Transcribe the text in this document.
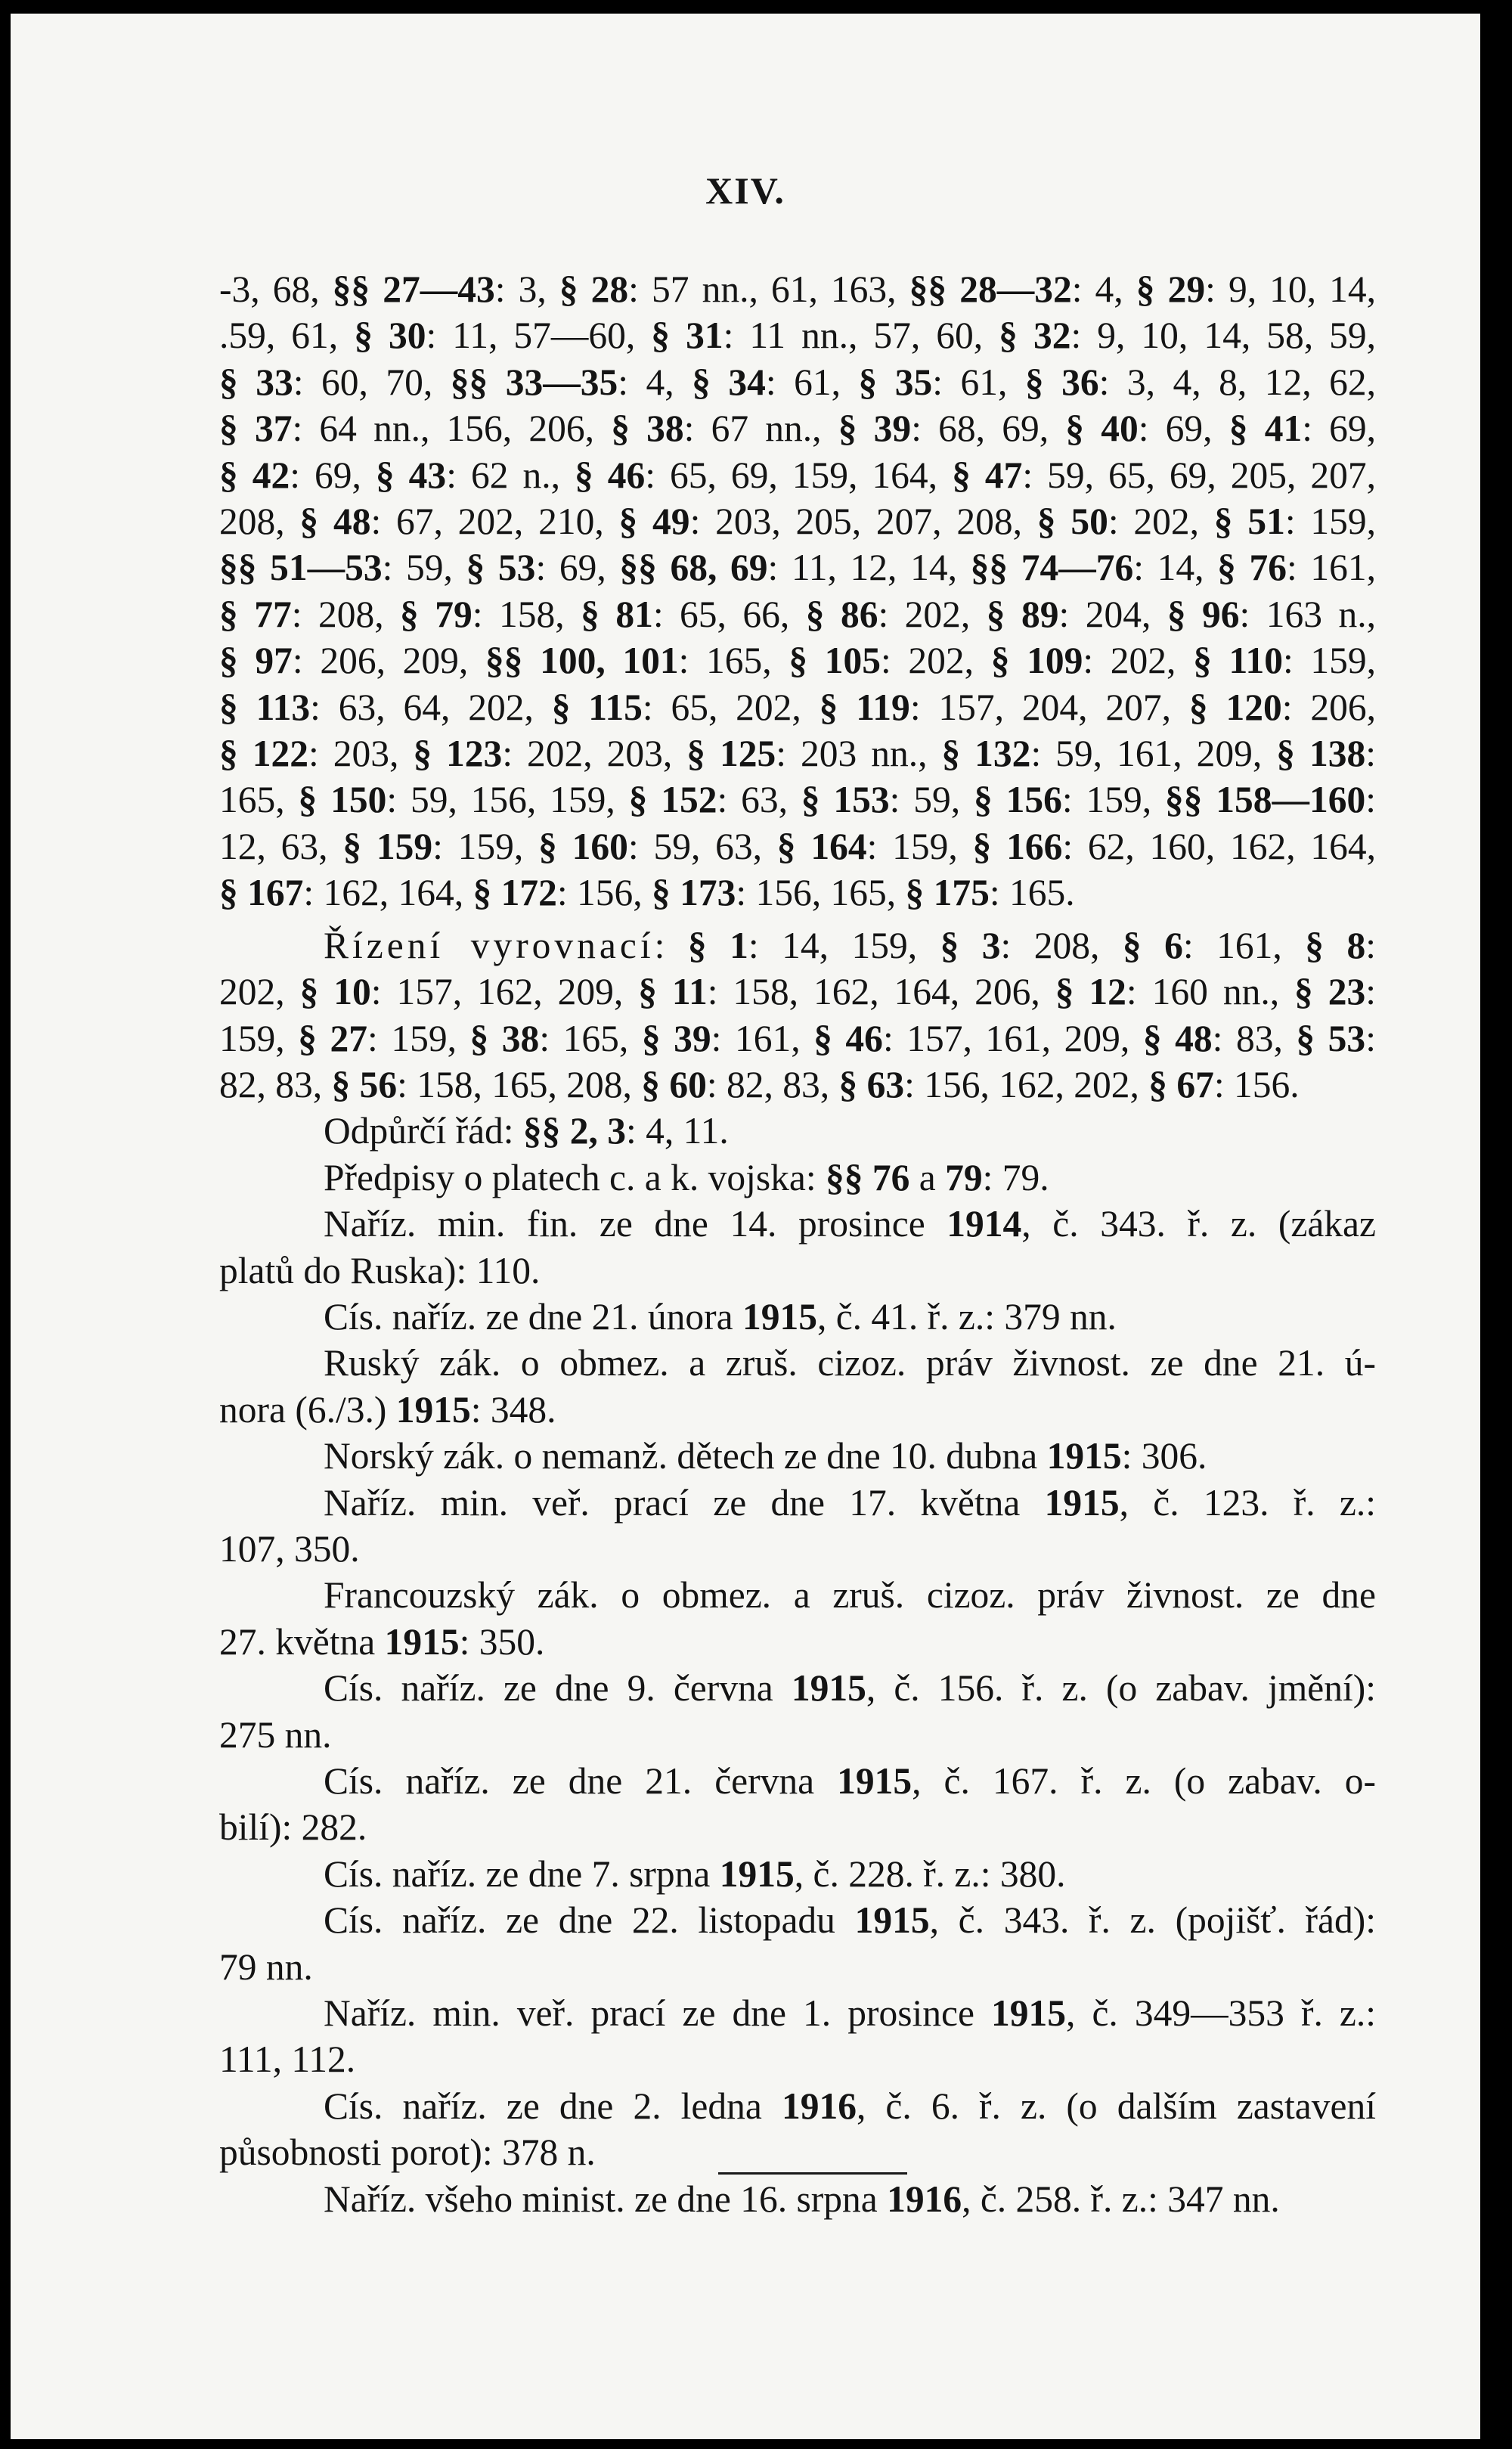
XIV.
-3, 68, §§ 27—43: 3, § 28: 57 nn., 61, 163, §§ 28—32: 4, § 29: 9, 10, 14,
.59, 61, § 30: 11, 57—60, § 31: 11 nn., 57, 60, § 32: 9, 10, 14, 58, 59,
§ 33: 60, 70, §§ 33—35: 4, § 34: 61, § 35: 61, § 36: 3, 4, 8, 12, 62,
§ 37: 64 nn., 156, 206, § 38: 67 nn., § 39: 68, 69, § 40: 69, § 41: 69,
§ 42: 69, § 43: 62 n., § 46: 65, 69, 159, 164, § 47: 59, 65, 69, 205, 207,
208, § 48: 67, 202, 210, § 49: 203, 205, 207, 208, § 50: 202, § 51: 159,
§§ 51—53: 59, § 53: 69, §§ 68, 69: 11, 12, 14, §§ 74—76: 14, § 76: 161,
§ 77: 208, § 79: 158, § 81: 65, 66, § 86: 202, § 89: 204, § 96: 163 n.,
§ 97: 206, 209, §§ 100, 101: 165, § 105: 202, § 109: 202, § 110: 159,
§ 113: 63, 64, 202, § 115: 65, 202, § 119: 157, 204, 207, § 120: 206,
§ 122: 203, § 123: 202, 203, § 125: 203 nn., § 132: 59, 161, 209, § 138:
165, § 150: 59, 156, 159, § 152: 63, § 153: 59, § 156: 159, §§ 158—160:
12, 63, § 159: 159, § 160: 59, 63, § 164: 159, § 166: 62, 160, 162, 164,
§ 167: 162, 164, § 172: 156, § 173: 156, 165, § 175: 165.
Řízení vyrovnací: § 1: 14, 159, § 3: 208, § 6: 161, § 8:
202, § 10: 157, 162, 209, § 11: 158, 162, 164, 206, § 12: 160 nn., § 23:
159, § 27: 159, § 38: 165, § 39: 161, § 46: 157, 161, 209, § 48: 83, § 53:
82, 83, § 56: 158, 165, 208, § 60: 82, 83, § 63: 156, 162, 202, § 67: 156.
Odpůrčí řád: §§ 2, 3: 4, 11.
Předpisy o platech c. a k. vojska: §§ 76 a 79: 79.
Naříz. min. fin. ze dne 14. prosince 1914, č. 343. ř. z. (zákaz
platů do Ruska): 110.
Cís. naříz. ze dne 21. února 1915, č. 41. ř. z.: 379 nn.
Ruský zák. o obmez. a zruš. cizoz. práv živnost. ze dne 21. ú-
nora (6./3.) 1915: 348.
Norský zák. o nemanž. dětech ze dne 10. dubna 1915: 306.
Naříz. min. veř. prací ze dne 17. května 1915, č. 123. ř. z.:
107, 350.
Francouzský zák. o obmez. a zruš. cizoz. práv živnost. ze dne
27. května 1915: 350.
Cís. naříz. ze dne 9. června 1915, č. 156. ř. z. (o zabav. jmění):
275 nn.
Cís. naříz. ze dne 21. června 1915, č. 167. ř. z. (o zabav. o-
bilí): 282.
Cís. naříz. ze dne 7. srpna 1915, č. 228. ř. z.: 380.
Cís. naříz. ze dne 22. listopadu 1915, č. 343. ř. z. (pojišť. řád):
79 nn.
Naříz. min. veř. prací ze dne 1. prosince 1915, č. 349—353 ř. z.:
111, 112.
Cís. naříz. ze dne 2. ledna 1916, č. 6. ř. z. (o dalším zastavení
působnosti porot): 378 n.
Naříz. všeho minist. ze dne 16. srpna 1916, č. 258. ř. z.: 347 nn.
